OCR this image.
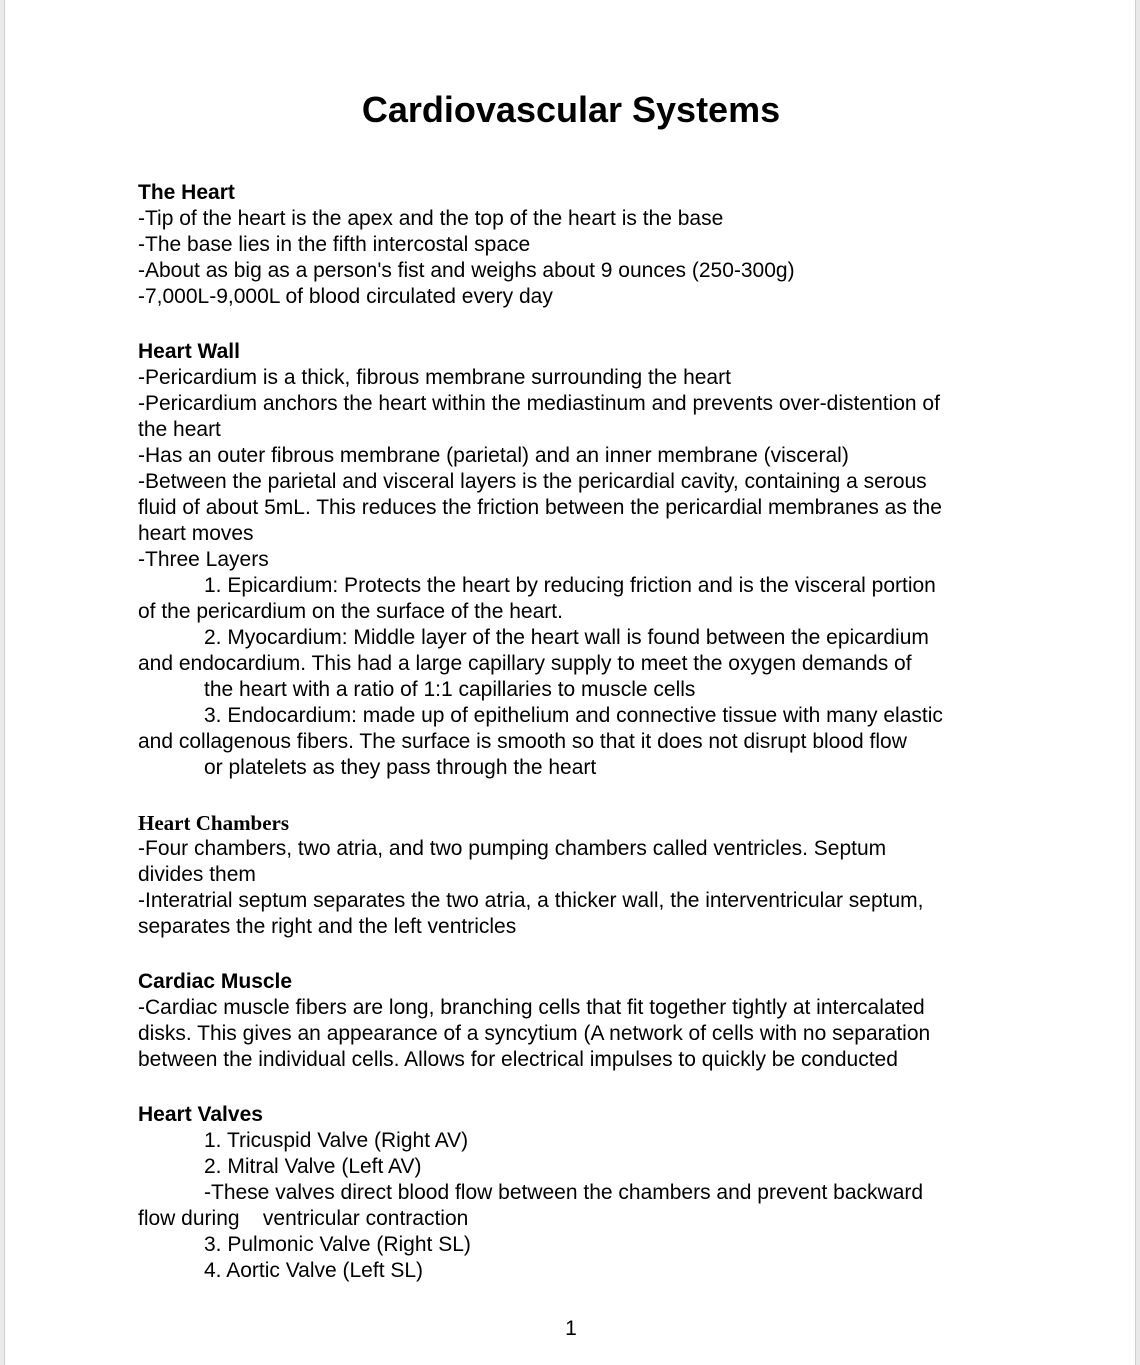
Cardiovascular Systems
The Heart
-Tip of the heart is the apex and the top of the heart is the base
-The base lies in the fifth intercostal space
-About as big as a person's fist and weighs about 9 ounces (250-300g)
-7,000L-9,000L of blood circulated every day
Heart Wall
-Pericardium is a thick, fibrous membrane surrounding the heart
-Pericardium anchors the heart within the mediastinum and prevents over-distention of
the heart
-Has an outer fibrous membrane (parietal) and an inner membrane (visceral)
-Between the parietal and visceral layers is the pericardial cavity, containing a serous
fluid of about 5mL. This reduces the friction between the pericardial membranes as the
heart moves
-Three Layers
1. Epicardium: Protects the heart by reducing friction and is the visceral portion
of the pericardium on the surface of the heart.
2. Myocardium: Middle layer of the heart wall is found between the epicardium
and endocardium. This had a large capillary supply to meet the oxygen demands of
the heart with a ratio of 1:1 capillaries to muscle cells
3. Endocardium: made up of epithelium and connective tissue with many elastic
and collagenous fibers. The surface is smooth so that it does not disrupt blood flow
or platelets as they pass through the heart
Heart Chambers
-Four chambers, two atria, and two pumping chambers called ventricles. Septum
divides them
-Interatrial septum separates the two atria, a thicker wall, the interventricular septum,
separates the right and the left ventricles
Cardiac Muscle
-Cardiac muscle fibers are long, branching cells that fit together tightly at intercalated
disks. This gives an appearance of a syncytium (A network of cells with no separation
between the individual cells. Allows for electrical impulses to quickly be conducted
Heart Valves
1. Tricuspid Valve (Right AV)
2. Mitral Valve (Left AV)
-These valves direct blood flow between the chambers and prevent backward
flow during    ventricular contraction
3. Pulmonic Valve (Right SL)
4. Aortic Valve (Left SL)
1
